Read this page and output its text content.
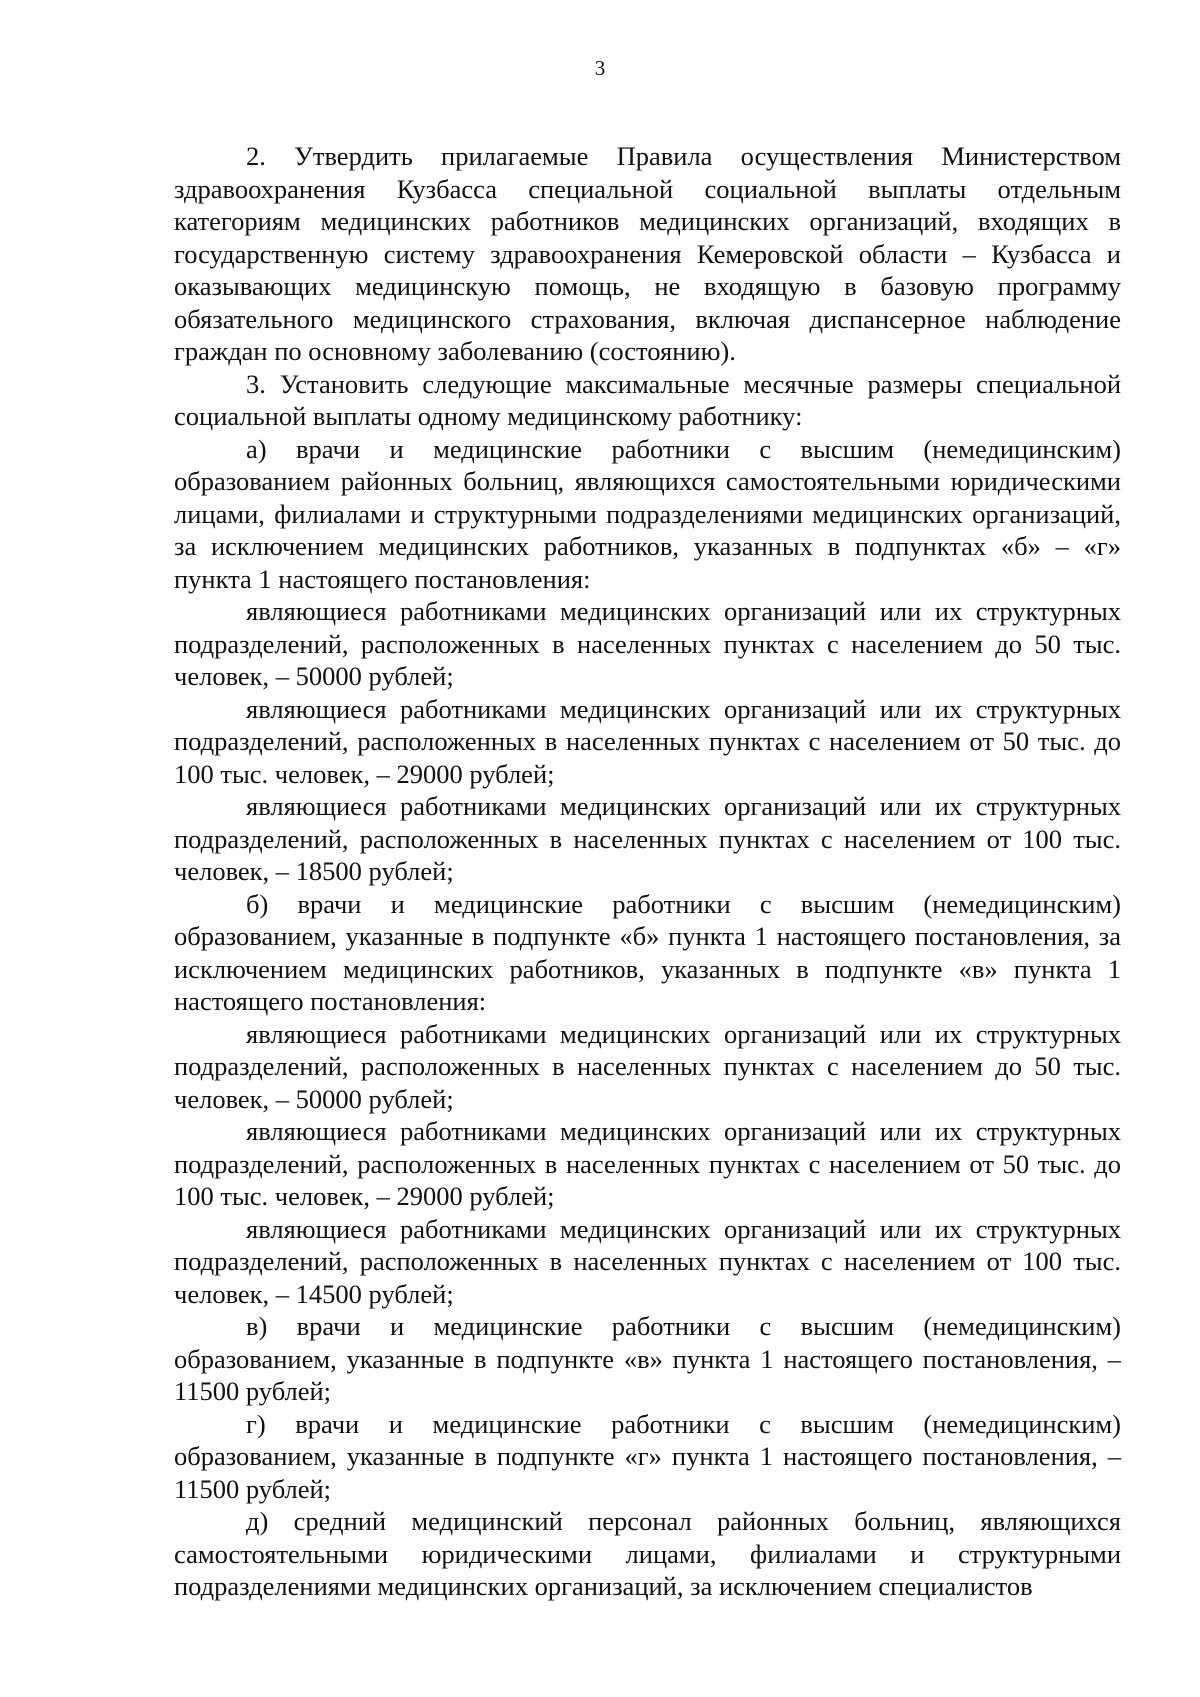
3

2. Утвердить прилагаемые Правила осуществления Министерством здравоохранения Кузбасса специальной социальной выплаты отдельным категориям медицинских работников медицинских организаций, входящих в государственную систему здравоохранения Кемеровской области – Кузбасса и оказывающих медицинскую помощь, не входящую в базовую программу обязательного медицинского страхования, включая диспансерное наблюдение граждан по основному заболеванию (состоянию).

3. Установить следующие максимальные месячные размеры специальной социальной выплаты одному медицинскому работнику:

а) врачи и медицинские работники с высшим (немедицинским) образованием районных больниц, являющихся самостоятельными юридическими лицами, филиалами и структурными подразделениями медицинских организаций, за исключением медицинских работников, указанных в подпунктах «б» – «г» пункта 1 настоящего постановления:

являющиеся работниками медицинских организаций или их структурных подразделений, расположенных в населенных пунктах с населением до 50 тыс. человек, – 50000 рублей;

являющиеся работниками медицинских организаций или их структурных подразделений, расположенных в населенных пунктах с населением от 50 тыс. до 100 тыс. человек, – 29000 рублей;

являющиеся работниками медицинских организаций или их структурных подразделений, расположенных в населенных пунктах с населением от 100 тыс. человек, – 18500 рублей;

б) врачи и медицинские работники с высшим (немедицинским) образованием, указанные в подпункте «б» пункта 1 настоящего постановления, за исключением медицинских работников, указанных в подпункте «в» пункта 1 настоящего постановления:

являющиеся работниками медицинских организаций или их структурных подразделений, расположенных в населенных пунктах с населением до 50 тыс. человек, – 50000 рублей;

являющиеся работниками медицинских организаций или их структурных подразделений, расположенных в населенных пунктах с населением от 50 тыс. до 100 тыс. человек, – 29000 рублей;

являющиеся работниками медицинских организаций или их структурных подразделений, расположенных в населенных пунктах с населением от 100 тыс. человек, – 14500 рублей;

в) врачи и медицинские работники с высшим (немедицинским) образованием, указанные в подпункте «в» пункта 1 настоящего постановления, – 11500 рублей;

г) врачи и медицинские работники с высшим (немедицинским) образованием, указанные в подпункте «г» пункта 1 настоящего постановления, – 11500 рублей;

д) средний медицинский персонал районных больниц, являющихся самостоятельными юридическими лицами, филиалами и структурными подразделениями медицинских организаций, за исключением специалистов
